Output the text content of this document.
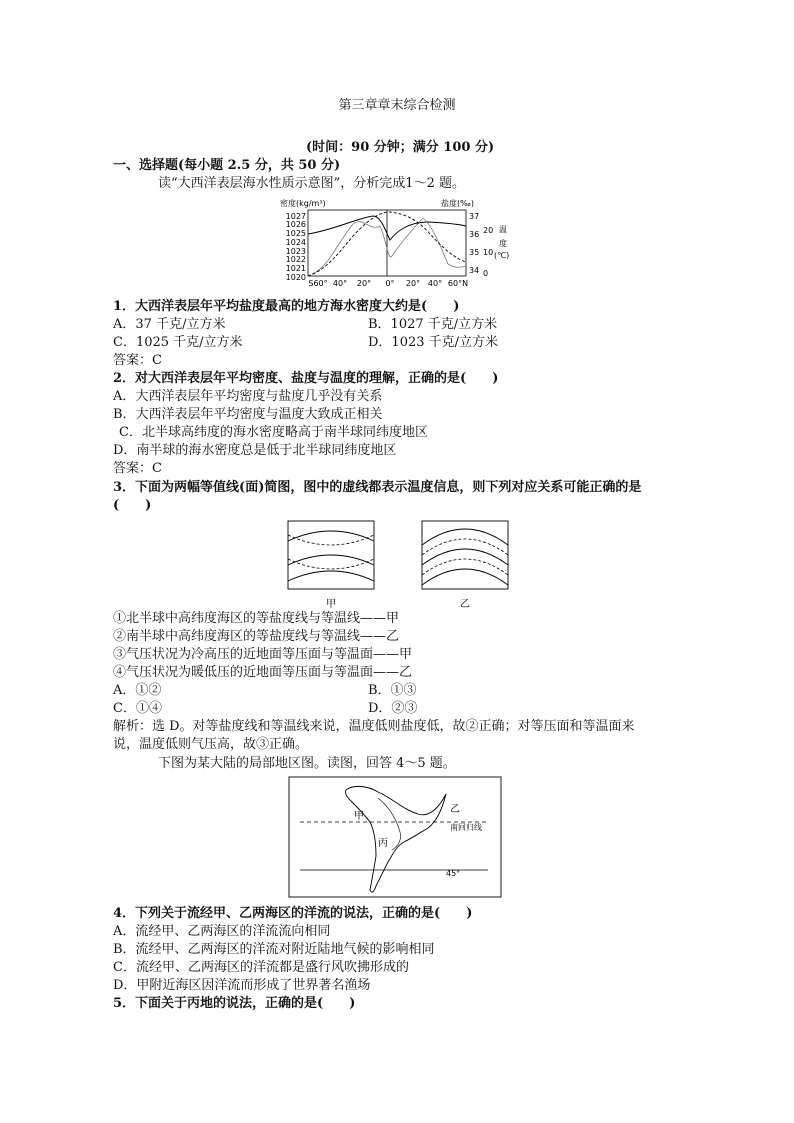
第三章章末综合检测
(时间：90 分钟；满分 100 分)
一、选择题(每小题 2.5 分，共 50 分)
读“大西洋表层海水性质示意图”，分析完成1～2 题。
密度(kg/m³)	盐度(‰)
1027
1026
1025
1024
1023
1022
1021
1020
37
36
35
34
20
10
0
温
度
(℃)
S60° 40° 20° 0° 20° 40° 60°N
1．大西洋表层年平均盐度最高的地方海水密度大约是(　　)
A．37 千克/立方米	B．1027 千克/立方米
C．1025 千克/立方米	D．1023 千克/立方米
答案：C
2．对大西洋表层年平均密度、盐度与温度的理解，正确的是(　　)
A．大西洋表层年平均密度与盐度几乎没有关系
B．大西洋表层年平均密度与温度大致成正相关
C．北半球高纬度的海水密度略高于南半球同纬度地区
D．南半球的海水密度总是低于北半球同纬度地区
答案：C
3．下面为两幅等值线(面)简图，图中的虚线都表示温度信息，则下列对应关系可能正确的是
(　　)
甲	乙
①北半球中高纬度海区的等盐度线与等温线——甲
②南半球中高纬度海区的等盐度线与等温线——乙
③气压状况为冷高压的近地面等压面与等温面——甲
④气压状况为暖低压的近地面等压面与等温面——乙
A．①②	B．①③
C．①④	D．②③
解析：选 D。对等盐度线和等温线来说，温度低则盐度低，故②正确；对等压面和等温面来
说，温度低则气压高，故③正确。
下图为某大陆的局部地区图。读图，回答 4～5 题。
甲
乙
丙
南回归线
45°
4．下列关于流经甲、乙两海区的洋流的说法，正确的是(　　)
A．流经甲、乙两海区的洋流流向相同
B．流经甲、乙两海区的洋流对附近陆地气候的影响相同
C．流经甲、乙两海区的洋流都是盛行风吹拂形成的
D．甲附近海区因洋流而形成了世界著名渔场
5．下面关于丙地的说法，正确的是(　　)
